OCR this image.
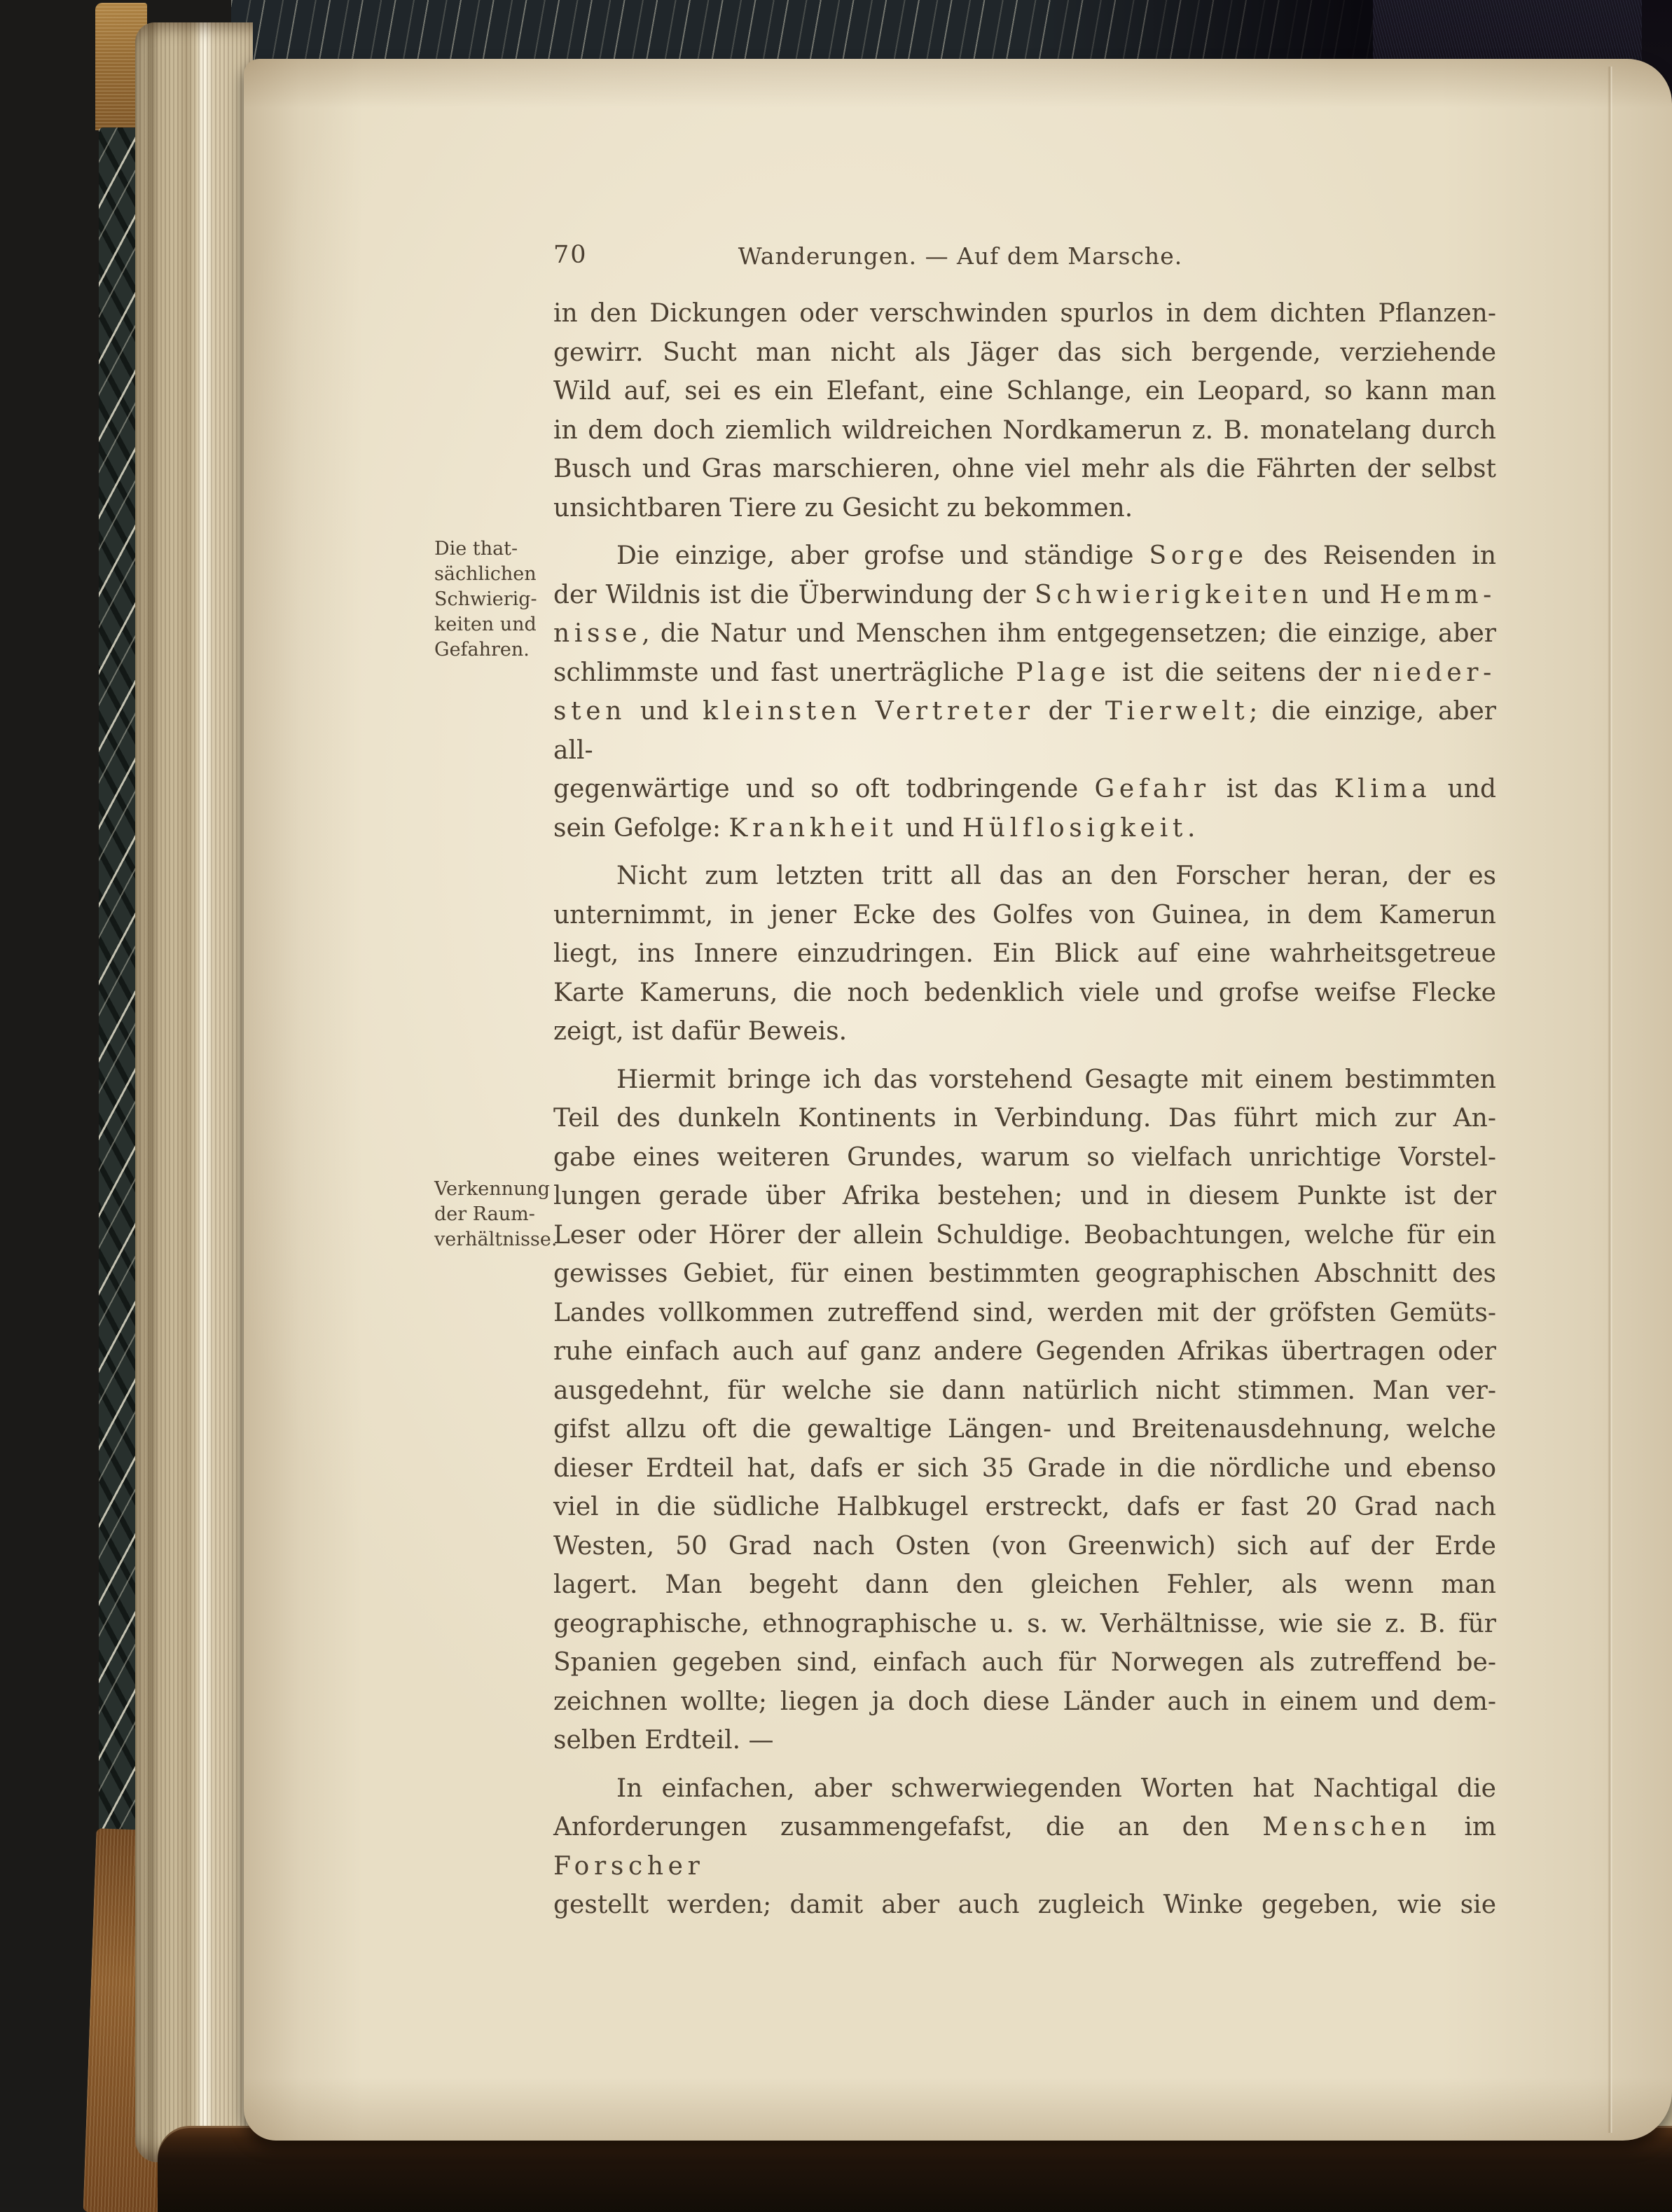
70	Wanderungen. — Auf dem Marsche.
Die that-
sächlichen
Schwierig-
keiten und
Gefahren.
Verkennung
der Raum-
verhältnisse.
in den Dickungen oder verschwinden spurlos in dem dichten Pflanzen-
gewirr. Sucht man nicht als Jäger das sich bergende, verziehende
Wild auf, sei es ein Elefant, eine Schlange, ein Leopard, so kann man
in dem doch ziemlich wildreichen Nordkamerun z. B. monatelang durch
Busch und Gras marschieren, ohne viel mehr als die Fährten der selbst
unsichtbaren Tiere zu Gesicht zu bekommen.
Die einzige, aber grofse und ständige Sorge des Reisenden in
der Wildnis ist die Überwindung der Schwierigkeiten und Hemm-
nisse, die Natur und Menschen ihm entgegensetzen; die einzige, aber
schlimmste und fast unerträgliche Plage ist die seitens der nieder-
sten und kleinsten Vertreter der Tierwelt; die einzige, aber all-
gegenwärtige und so oft todbringende Gefahr ist das Klima und
sein Gefolge: Krankheit und Hülflosigkeit.
Nicht zum letzten tritt all das an den Forscher heran, der es
unternimmt, in jener Ecke des Golfes von Guinea, in dem Kamerun
liegt, ins Innere einzudringen. Ein Blick auf eine wahrheitsgetreue
Karte Kameruns, die noch bedenklich viele und grofse weifse Flecke
zeigt, ist dafür Beweis.
Hiermit bringe ich das vorstehend Gesagte mit einem bestimmten
Teil des dunkeln Kontinents in Verbindung. Das führt mich zur An-
gabe eines weiteren Grundes, warum so vielfach unrichtige Vorstel-
lungen gerade über Afrika bestehen; und in diesem Punkte ist der
Leser oder Hörer der allein Schuldige. Beobachtungen, welche für ein
gewisses Gebiet, für einen bestimmten geographischen Abschnitt des
Landes vollkommen zutreffend sind, werden mit der gröfsten Gemüts-
ruhe einfach auch auf ganz andere Gegenden Afrikas übertragen oder
ausgedehnt, für welche sie dann natürlich nicht stimmen. Man ver-
gifst allzu oft die gewaltige Längen- und Breitenausdehnung, welche
dieser Erdteil hat, dafs er sich 35 Grade in die nördliche und ebenso
viel in die südliche Halbkugel erstreckt, dafs er fast 20 Grad nach
Westen, 50 Grad nach Osten (von Greenwich) sich auf der Erde
lagert. Man begeht dann den gleichen Fehler, als wenn man
geographische, ethnographische u. s. w. Verhältnisse, wie sie z. B. für
Spanien gegeben sind, einfach auch für Norwegen als zutreffend be-
zeichnen wollte; liegen ja doch diese Länder auch in einem und dem-
selben Erdteil. —
In einfachen, aber schwerwiegenden Worten hat Nachtigal die
Anforderungen zusammengefafst, die an den Menschen im Forscher
gestellt werden; damit aber auch zugleich Winke gegeben, wie sie
